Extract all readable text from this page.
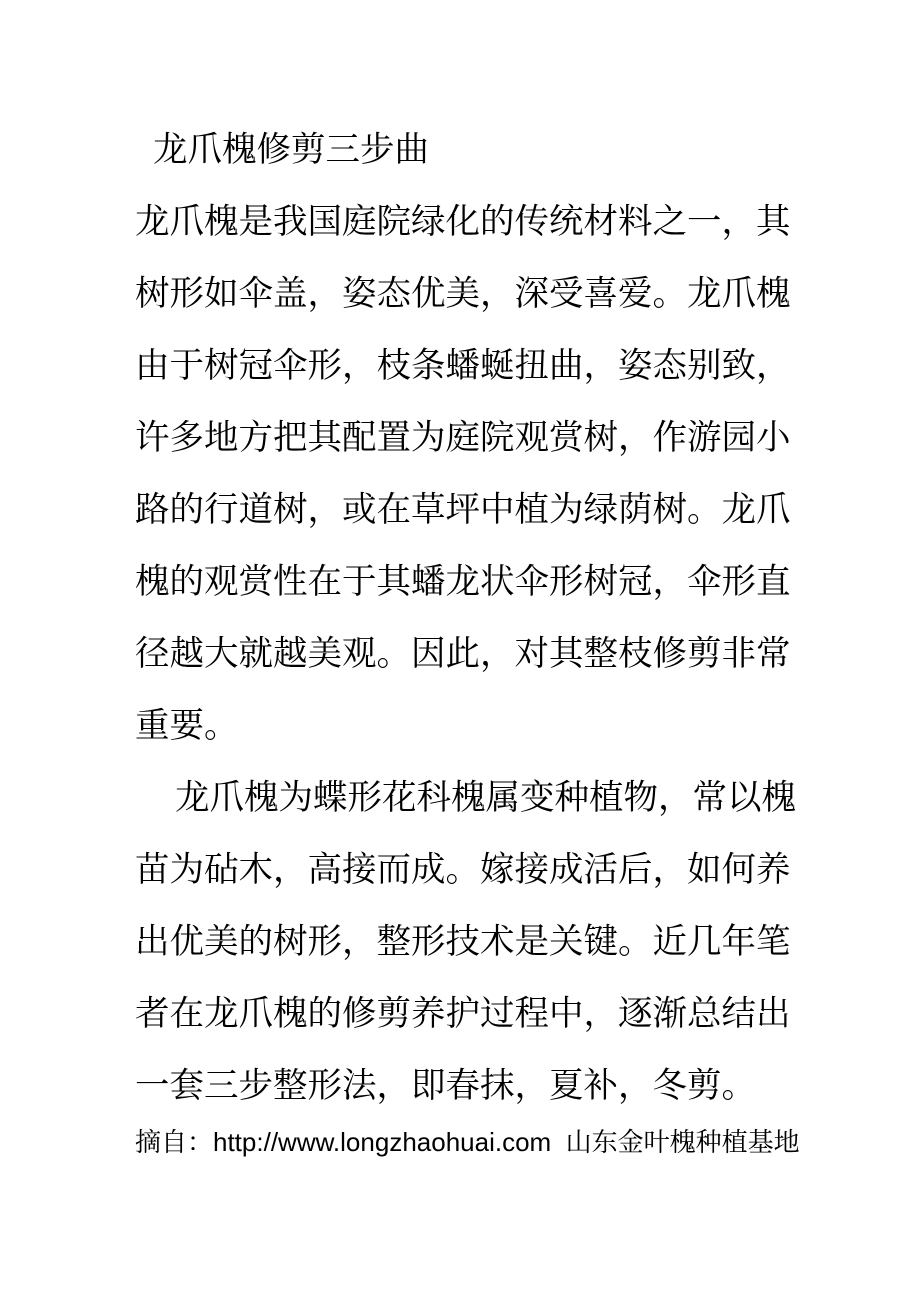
龙爪槐修剪三步曲
龙爪槐是我国庭院绿化的传统材料之一，其
树形如伞盖，姿态优美，深受喜爱。龙爪槐
由于树冠伞形，枝条蟠蜒扭曲，姿态别致，
许多地方把其配置为庭院观赏树，作游园小
路的行道树，或在草坪中植为绿荫树。龙爪
槐的观赏性在于其蟠龙状伞形树冠，伞形直
径越大就越美观。因此，对其整枝修剪非常
重要。
龙爪槐为蝶形花科槐属变种植物，常以槐
苗为砧木，高接而成。嫁接成活后，如何养
出优美的树形，整形技术是关键。近几年笔
者在龙爪槐的修剪养护过程中，逐渐总结出
一套三步整形法，即春抹，夏补，冬剪。
摘自：http://www.longzhaohuai.com  山东金叶槐种植基地
